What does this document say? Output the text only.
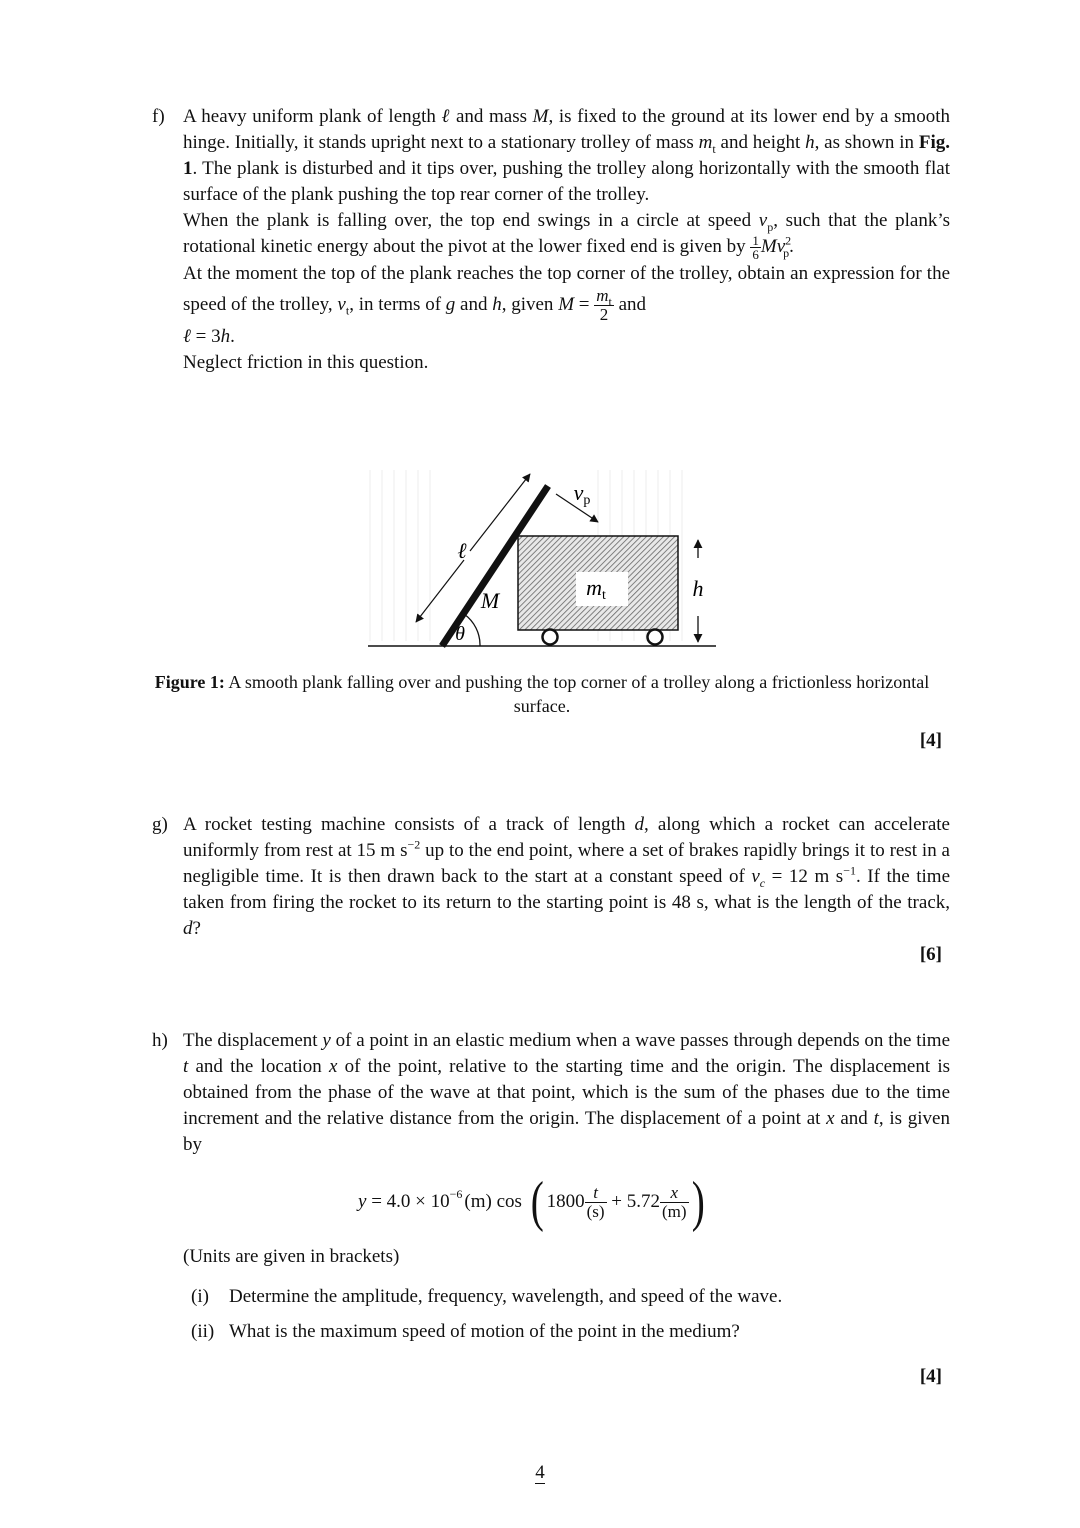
f) A heavy uniform plank of length ℓ and mass M, is fixed to the ground at its lower end by a smooth hinge. Initially, it stands upright next to a stationary trolley of mass $m_t$ and height h, as shown in Fig. 1. The plank is disturbed and it tips over, pushing the trolley along horizontally with the smooth flat surface of the plank pushing the top rear corner of the trolley.

When the plank is falling over, the top end swings in a circle at speed $v_p$, such that the plank’s rotational kinetic energy about the pivot at the lower fixed end is given by $\frac{1}{6} Mv^2_p$.

At the moment the top of the plank reaches the top corner of the trolley, obtain an expression for the speed of the trolley, $v_t$, in terms of g and h, given $M = \frac{m_t}{2}$ and
ℓ = 3h.

Neglect friction in this question.

mt
θ
M
ℓ
vp
h
Figure 1: A smooth plank falling over and pushing the top corner of a trolley along a frictionless horizontal surface.
[4]
g) A rocket testing machine consists of a track of length d, along which a rocket can accelerate uniformly from rest at 15 m $s^{-2}$ up to the end point, where a set of brakes rapidly brings it to rest in a negligible time. It is then drawn back to the start at a constant speed of $v_c = 12$ m $s^{-1}$. If the time taken from firing the rocket to its return to the starting point is 48 s, what is the length of the track, d?

[6]
h) The displacement y of a point in an elastic medium when a wave passes through depends on the time t and the location x of the point, relative to the starting time and the origin. The displacement is obtained from the phase of the wave at that point, which is the sum of the phases due to the time increment and the relative distance from the origin. The displacement of a point at x and t, is given by

$y = 4.0 \times 10^{-6}$ (m) cos ( $1800 \frac{t}{(s)} + 5.72 \frac{x}{(m)}$ )

(Units are given in brackets)

(i) Determine the amplitude, frequency, wavelength, and speed of the wave.
(ii) What is the maximum speed of motion of the point in the medium?
[4]
4
